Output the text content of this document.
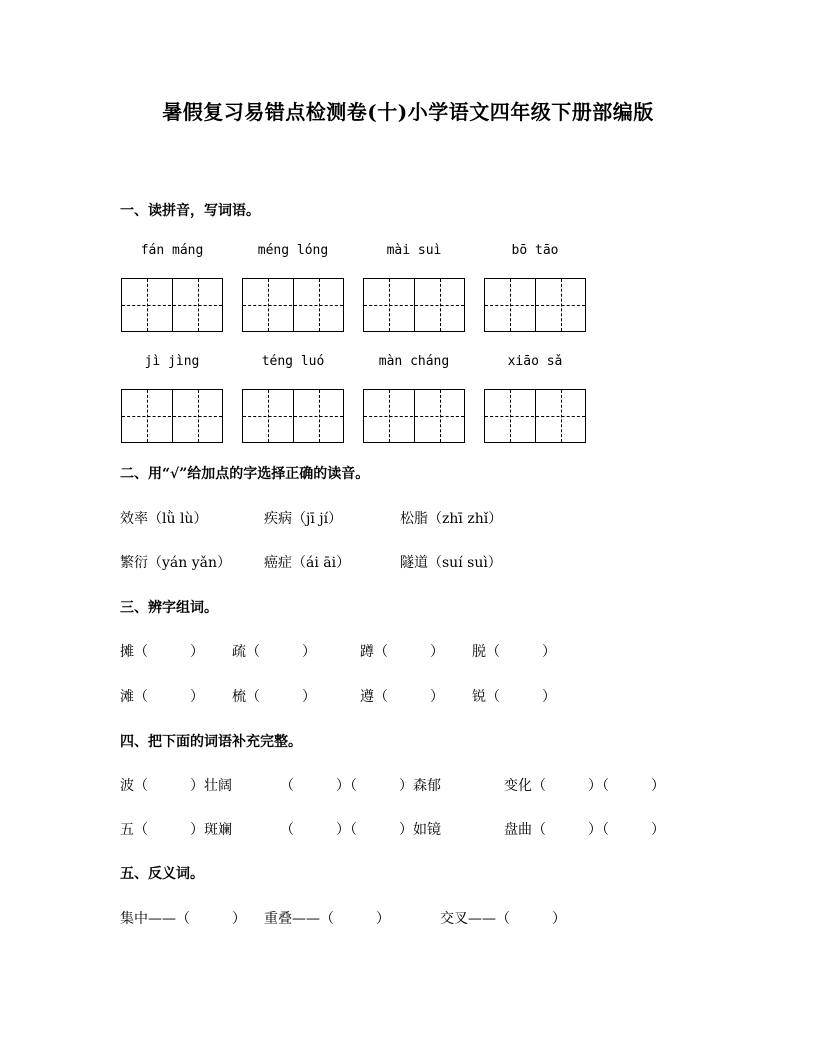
暑假复习易错点检测卷(十)小学语文四年级下册部编版
一、读拼音，写词语。
fán máng	méng lóng	mài suì	bō tāo
jì jìng	téng luó	màn cháng	xiāo sǎ
二、用“√”给加点的字选择正确的读音。
效率（lǜ lù）	疾病（jī jí）	松脂（zhī zhǐ）
繁衍（yán yǎn） 癌症（ái āi）	隧道（suí suì）
三、辨字组词。
摊（　　　） 疏（　　　）	蹲（　　　） 脱（　　　）
滩（　　　） 梳（　　　）	遵（　　　） 锐（　　　）
四、把下面的词语补充完整。
波（　　　）壮阔	（　　　）（　　　）森郁	变化（　　　）（　　　）
五（　　　）斑斓	（　　　）（　　　）如镜	盘曲（　　　）（　　　）
五、反义词。
集中——（　　　） 重叠——（　　　）	交叉——（　　　）
